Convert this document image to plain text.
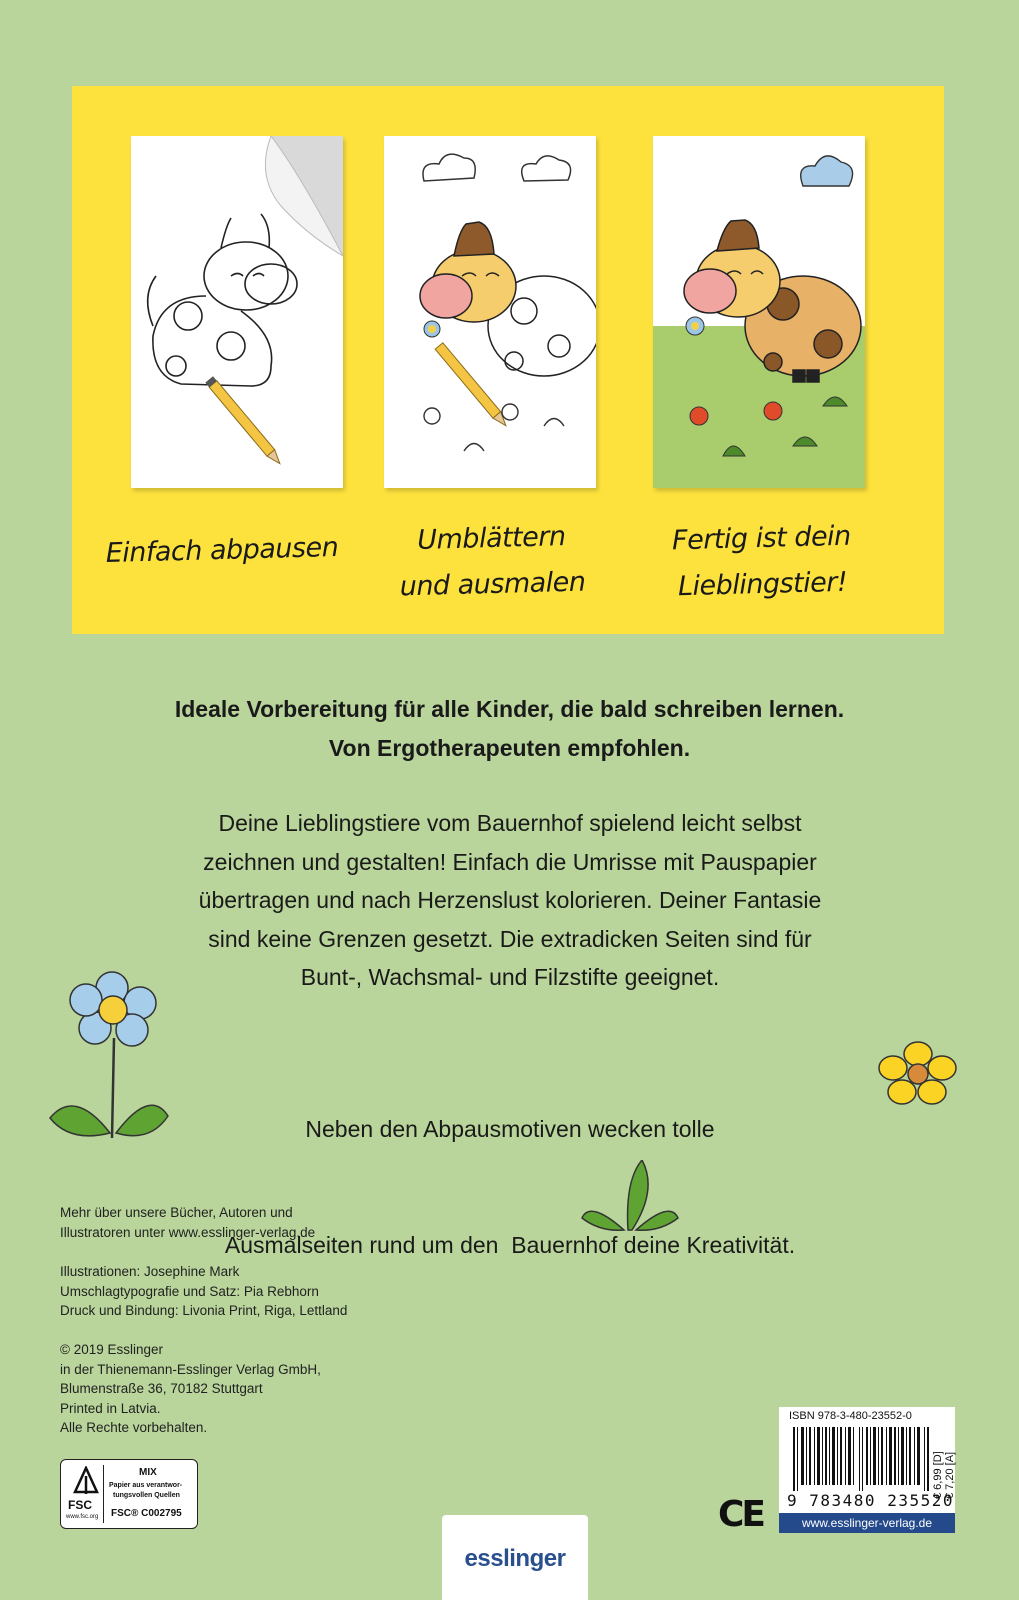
Einfach abpausen	Umblättern
und ausmalen
Fertig ist dein
Lieblingstier!
Ideale Vorbereitung für alle Kinder, die bald schreiben lernen.
Von Ergotherapeuten empfohlen.
Deine Lieblingstiere vom Bauernhof spielend leicht selbst
zeichnen und gestalten! Einfach die Umrisse mit Pauspapier
übertragen und nach Herzenslust kolorieren. Deiner Fantasie
sind keine Grenzen gesetzt. Die extradicken Seiten sind für
Bunt-, Wachsmal- und Filzstifte geeignet.

Neben den Abpausmotiven wecken tolle

Ausmalseiten rund um den  Bauernhof deine Kreativität.

Mehr über unsere Bücher, Autoren und
Illustratoren unter www.esslinger-verlag.de
Illustrationen: Josephine Mark
Umschlagtypografie und Satz: Pia Rebhorn
Druck und Bindung: Livonia Print, Riga, Lettland
© 2019 Esslinger
in der Thienemann-Esslinger Verlag GmbH,
Blumenstraße 36, 70182 Stuttgart
Printed in Latvia.
Alle Rechte vorbehalten.
FSC
www.fsc.org
MIX
Papier aus verantwor-
tungsvollen Quellen
FSC® C002795	CE
ISBN 978-3-480-23552-0
€ 6,99 [D] € 7,20 [A]
9 783480 235520
www.esslinger-verlag.de
esslinger
